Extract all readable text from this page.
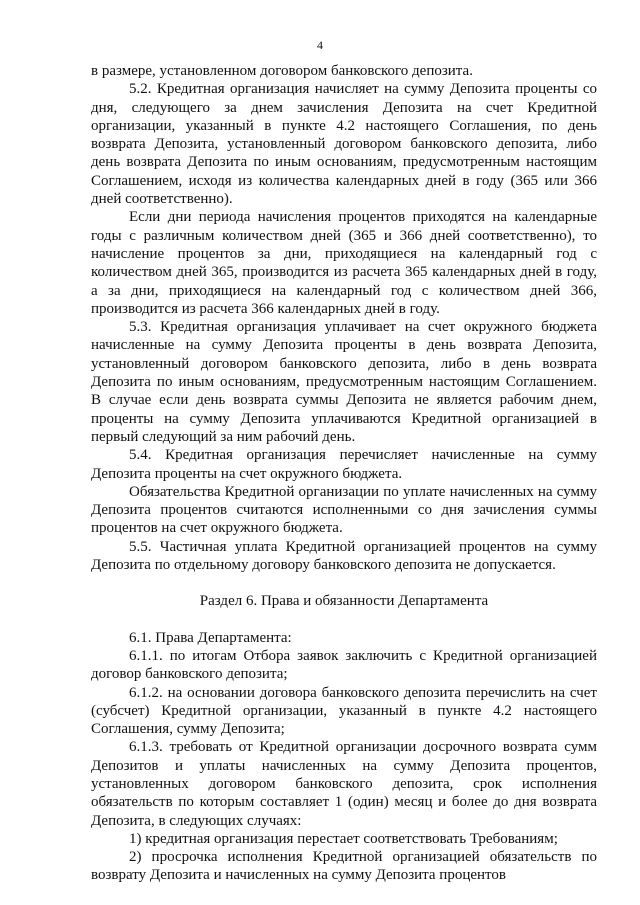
4

в размере, установленном договором банковского депозита.

5.2. Кредитная организация начисляет на сумму Депозита проценты со дня, следующего за днем зачисления Депозита на счет Кредитной организации, указанный в пункте 4.2 настоящего Соглашения, по день возврата Депозита, установленный договором банковского депозита, либо день возврата Депозита по иным основаниям, предусмотренным настоящим Соглашением, исходя из количества календарных дней в году (365 или 366 дней соответственно).

Если дни периода начисления процентов приходятся на календарные годы с различным количеством дней (365 и 366 дней соответственно), то начисление процентов за дни, приходящиеся на календарный год с количеством дней 365, производится из расчета 365 календарных дней в году, а за дни, приходящиеся на календарный год с количеством дней 366, производится из расчета 366 календарных дней в году.

5.3. Кредитная организация уплачивает на счет окружного бюджета начисленные на сумму Депозита проценты в день возврата Депозита, установленный договором банковского депозита, либо в день возврата Депозита по иным основаниям, предусмотренным настоящим Соглашением. В случае если день возврата суммы Депозита не является рабочим днем, проценты на сумму Депозита уплачиваются Кредитной организацией в первый следующий за ним рабочий день.

5.4. Кредитная организация перечисляет начисленные на сумму Депозита проценты на счет окружного бюджета.

Обязательства Кредитной организации по уплате начисленных на сумму Депозита процентов считаются исполненными со дня зачисления суммы процентов на счет окружного бюджета.

5.5. Частичная уплата Кредитной организацией процентов на сумму Депозита по отдельному договору банковского депозита не допускается.

Раздел 6. Права и обязанности Департамента

6.1. Права Департамента:

6.1.1. по итогам Отбора заявок заключить с Кредитной организацией договор банковского депозита;

6.1.2. на основании договора банковского депозита перечислить на счет (субсчет) Кредитной организации, указанный в пункте 4.2 настоящего Соглашения, сумму Депозита;

6.1.3. требовать от Кредитной организации досрочного возврата сумм Депозитов и уплаты начисленных на сумму Депозита процентов, установленных договором банковского депозита, срок исполнения обязательств по которым составляет 1 (один) месяц и более до дня возврата Депозита, в следующих случаях:

1) кредитная организация перестает соответствовать Требованиям;

2) просрочка исполнения Кредитной организацией обязательств по возврату Депозита и начисленных на сумму Депозита процентов
